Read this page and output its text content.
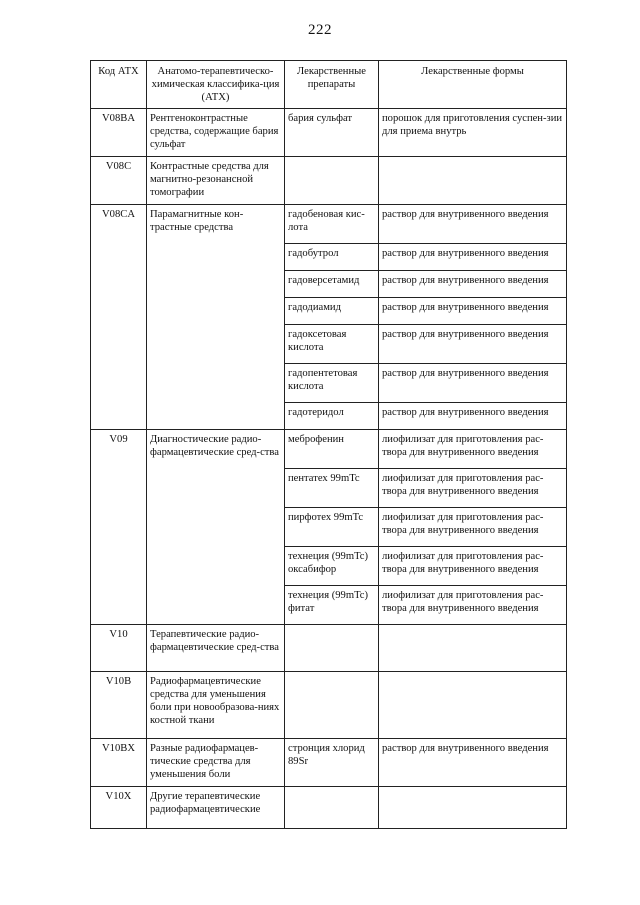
222
Код АТХ	Анатомо-терапевтическо-химическая классифика-ция (АТХ)	Лекарственные препараты	Лекарственные формы
V08BA	Рентгеноконтрастные средства, содержащие бария сульфат	бария сульфат	порошок для приготовления суспен-зии для приема внутрь
V08C	Контрастные средства для магнитно-резонансной томографии		
V08CA	Парамагнитные кон-трастные средства	гадобеновая кис-лота	раствор для внутривенного введения
		гадобутрол	раствор для внутривенного введения
		гадоверсетамид	раствор для внутривенного введения
		гадодиамид	раствор для внутривенного введения
		гадоксетовая кислота	раствор для внутривенного введения
		гадопентетовая кислота	раствор для внутривенного введения
		гадотеридол	раствор для внутривенного введения
V09	Диагностические радио-фармацевтические сред-ства	меброфенин	лиофилизат для приготовления рас-твора для внутривенного введения
		пентатех 99mTc	лиофилизат для приготовления рас-твора для внутривенного введения
		пирфотех 99mTc	лиофилизат для приготовления рас-твора для внутривенного введения
		технеция (99mTc) оксабифор	лиофилизат для приготовления рас-твора для внутривенного введения
		технеция (99mTc) фитат	лиофилизат для приготовления рас-твора для внутривенного введения
V10	Терапевтические радио-фармацевтические сред-ства		
V10B	Радиофармацевтические средства для уменьшения боли при новообразова-ниях костной ткани		
V10BX	Разные радиофармацев-тические средства для уменьшения боли	стронция хлорид 89Sr	раствор для внутривенного введения
V10X	Другие терапевтические радиофармацевтические		
